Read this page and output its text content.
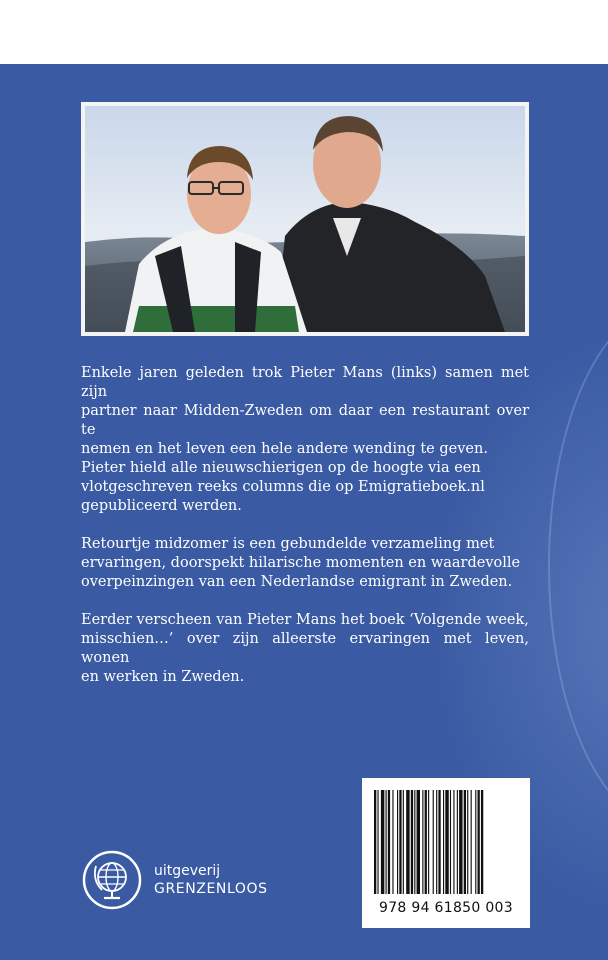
Enkele jaren geleden trok Pieter Mans (links) samen met zijn
partner naar Midden-Zweden om daar een restaurant over te
nemen en het leven een hele andere wending te geven.
Pieter hield alle nieuwschierigen op de hoogte via een
vlotgeschreven reeks columns die op Emigratieboek.nl
gepubliceerd werden.

Retourtje midzomer is een gebundelde verzameling met
ervaringen, doorspekt hilarische momenten en waardevolle
overpeinzingen van een Nederlandse emigrant in Zweden.

Eerder verscheen van Pieter Mans het boek ‘Volgende week,
misschien…’ over zijn alleerste ervaringen met leven, wonen
en werken in Zweden.

uitgeverij
GRENZENLOOS
978 94 61850 003
